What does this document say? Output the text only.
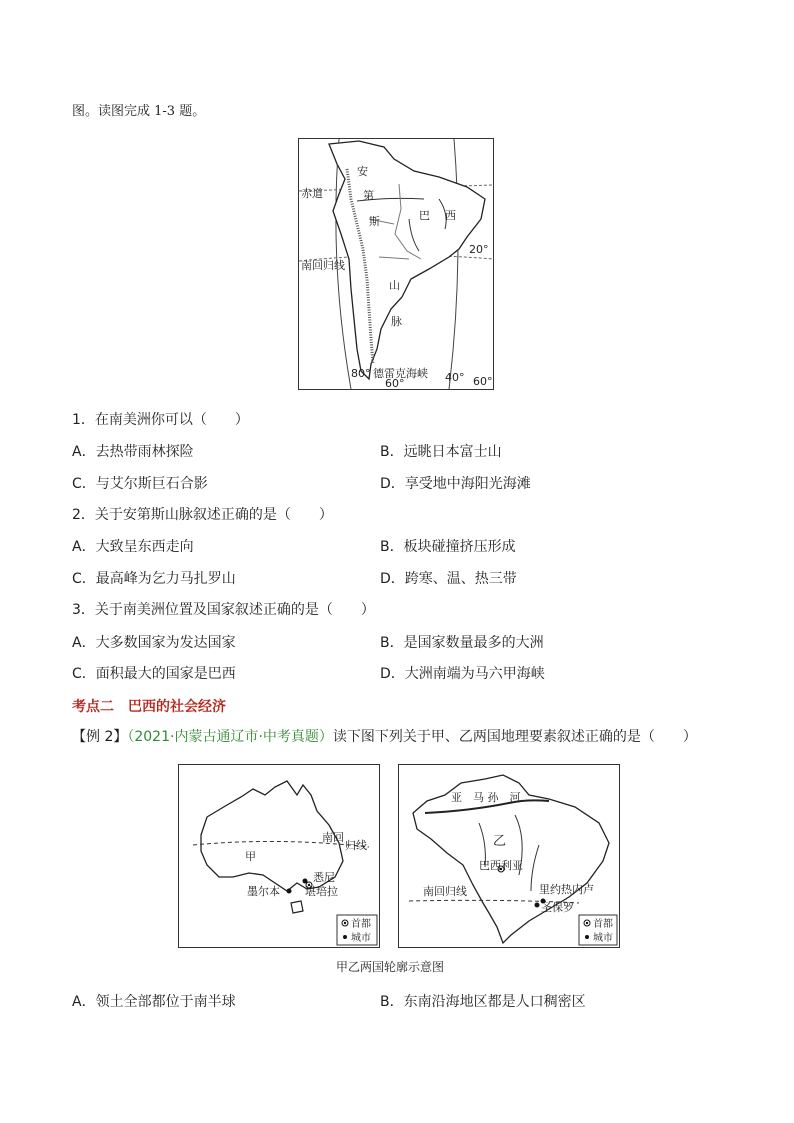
图。读图完成 1-3 题。
安
第
斯
山
脉
巴 西
赤道
南回归线
20°
80° 德雷克海峡
60°	40° 60°
1．在南美洲你可以（　　）
A．去热带雨林探险	B．远眺日本富士山
C．与艾尔斯巨石合影	D．享受地中海阳光海滩
2．关于安第斯山脉叙述正确的是（　　）
A．大致呈东西走向	B．板块碰撞挤压形成
C．最高峰为乞力马扎罗山	D．跨寒、温、热三带
3．关于南美洲位置及国家叙述正确的是（　　）
A．大多数国家为发达国家	B．是国家数量最多的大洲
C．面积最大的国家是巴西	D．大洲南端为马六甲海峡
考点二　巴西的社会经济
【例 2】（2021·内蒙古通辽市·中考真题）读下图下列关于甲、乙两国地理要素叙述正确的是（　　）
南回
归线
甲
悉尼
堪培拉
墨尔本
首都
城市
亚　马 孙　河
乙
巴西利亚
南回归线	里约热内卢
圣保罗
首都
城市
甲乙两国轮廓示意图
A．领土全部都位于南半球	B．东南沿海地区都是人口稠密区
